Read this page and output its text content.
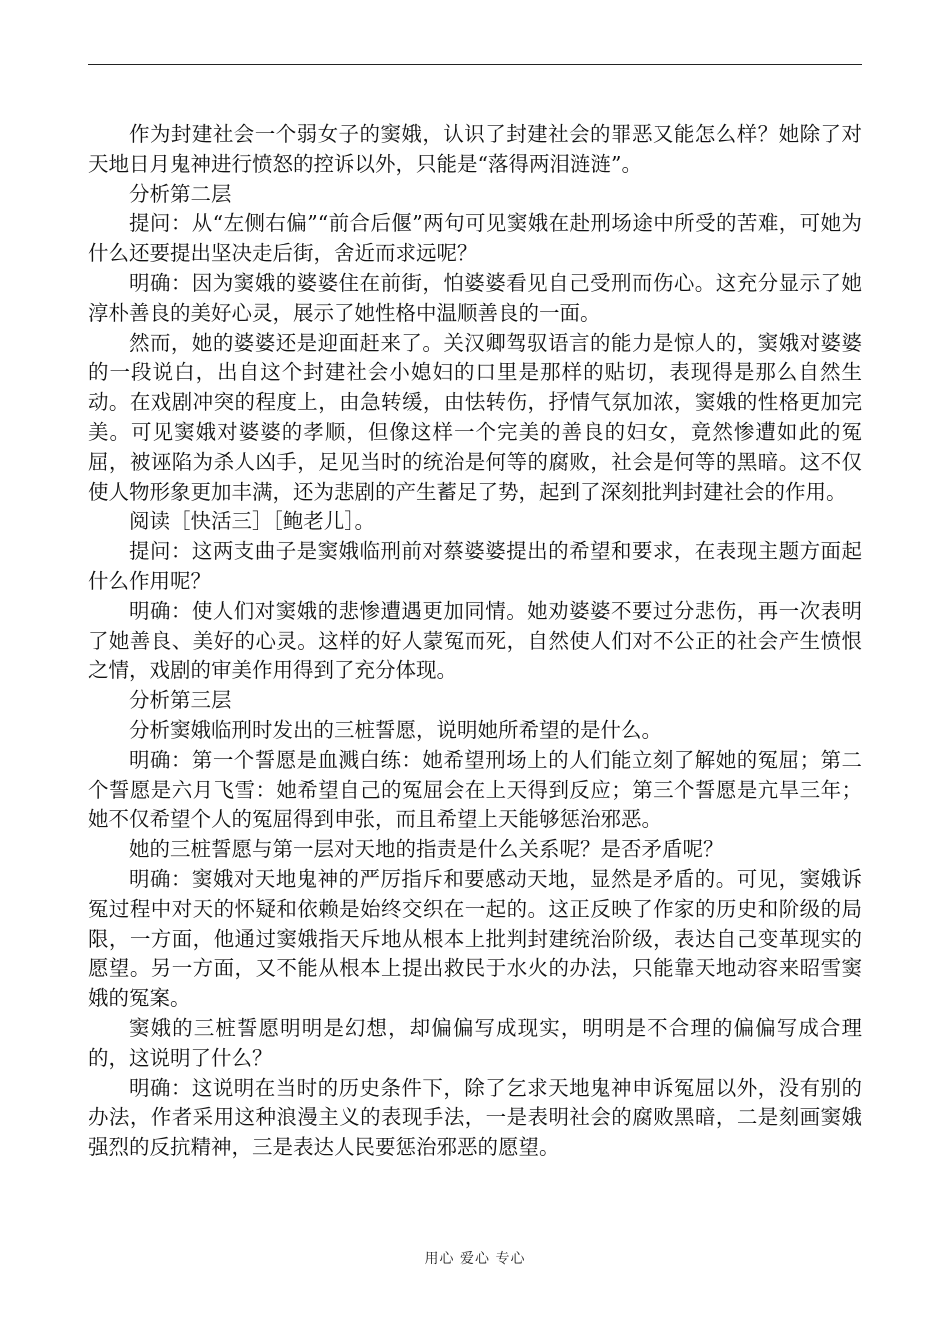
作为封建社会一个弱女子的窦娥，认识了封建社会的罪恶又能怎么样？她除了对天地日月鬼神进行愤怒的控诉以外，只能是“落得两泪涟涟”。

分析第二层

提问：从“左侧右偏”“前合后偃”两句可见窦娥在赴刑场途中所受的苦难，可她为什么还要提出坚决走后街，舍近而求远呢？

明确：因为窦娥的婆婆住在前街，怕婆婆看见自己受刑而伤心。这充分显示了她淳朴善良的美好心灵，展示了她性格中温顺善良的一面。

然而，她的婆婆还是迎面赶来了。关汉卿驾驭语言的能力是惊人的，窦娥对婆婆的一段说白，出自这个封建社会小媳妇的口里是那样的贴切，表现得是那么自然生动。在戏剧冲突的程度上，由急转缓，由怯转伤，抒情气氛加浓，窦娥的性格更加完美。可见窦娥对婆婆的孝顺，但像这样一个完美的善良的妇女，竟然惨遭如此的冤屈，被诬陷为杀人凶手，足见当时的统治是何等的腐败，社会是何等的黑暗。这不仅使人物形象更加丰满，还为悲剧的产生蓄足了势，起到了深刻批判封建社会的作用。

阅读［快活三］［鲍老儿］。

提问：这两支曲子是窦娥临刑前对蔡婆婆提出的希望和要求，在表现主题方面起什么作用呢？

明确：使人们对窦娥的悲惨遭遇更加同情。她劝婆婆不要过分悲伤，再一次表明了她善良、美好的心灵。这样的好人蒙冤而死，自然使人们对不公正的社会产生愤恨之情，戏剧的审美作用得到了充分体现。

分析第三层

分析窦娥临刑时发出的三桩誓愿，说明她所希望的是什么。

明确：第一个誓愿是血溅白练：她希望刑场上的人们能立刻了解她的冤屈；第二个誓愿是六月飞雪：她希望自己的冤屈会在上天得到反应；第三个誓愿是亢旱三年；她不仅希望个人的冤屈得到申张，而且希望上天能够惩治邪恶。

她的三桩誓愿与第一层对天地的指责是什么关系呢？是否矛盾呢？

明确：窦娥对天地鬼神的严厉指斥和要感动天地，显然是矛盾的。可见，窦娥诉冤过程中对天的怀疑和依赖是始终交织在一起的。这正反映了作家的历史和阶级的局限，一方面，他通过窦娥指天斥地从根本上批判封建统治阶级，表达自己变革现实的愿望。另一方面，又不能从根本上提出救民于水火的办法，只能靠天地动容来昭雪窦娥的冤案。

窦娥的三桩誓愿明明是幻想，却偏偏写成现实，明明是不合理的偏偏写成合理的，这说明了什么？

明确：这说明在当时的历史条件下，除了乞求天地鬼神申诉冤屈以外，没有别的办法，作者采用这种浪漫主义的表现手法，一是表明社会的腐败黑暗，二是刻画窦娥强烈的反抗精神，三是表达人民要惩治邪恶的愿望。

用心 爱心 专心
